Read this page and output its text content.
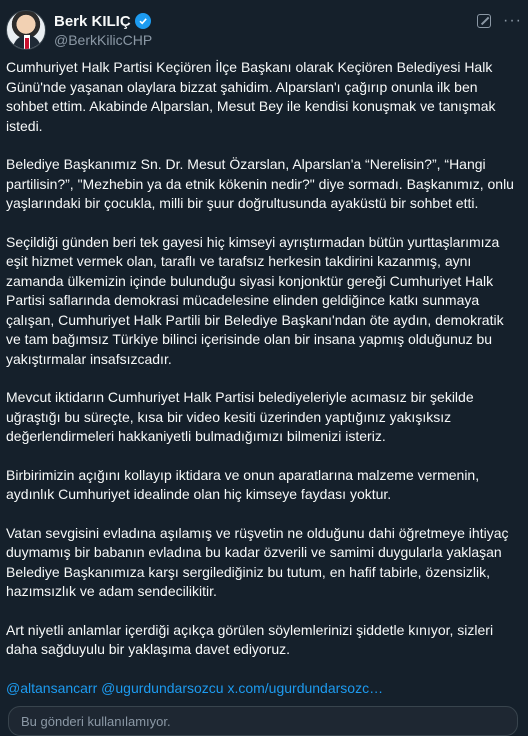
Berk KILIÇ
@BerkKilicCHP
···

Cumhuriyet Halk Partisi Keçiören İlçe Başkanı olarak Keçiören Belediyesi Halk Günü'nde yaşanan olaylara bizzat şahidim. Alparslan'ı çağırıp onunla ilk ben sohbet ettim. Akabinde Alparslan, Mesut Bey ile kendisi konuşmak ve tanışmak istedi.

Belediye Başkanımız Sn. Dr. Mesut Özarslan, Alparslan'a “Nerelisin?”, “Hangi partilisin?”, "Mezhebin ya da etnik kökenin nedir?" diye sormadı. Başkanımız, onlu yaşlarındaki bir çocukla, milli bir şuur doğrultusunda ayaküstü bir sohbet etti.

Seçildiği günden beri tek gayesi hiç kimseyi ayrıştırmadan bütün yurttaşlarımıza eşit hizmet vermek olan, taraflı ve tarafsız herkesin takdirini kazanmış, aynı zamanda ülkemizin içinde bulunduğu siyasi konjonktür gereği Cumhuriyet Halk Partisi saflarında demokrasi mücadelesine elinden geldiğince katkı sunmaya çalışan, Cumhuriyet Halk Partili bir Belediye Başkanı'ndan öte aydın, demokratik ve tam bağımsız Türkiye bilinci içerisinde olan bir insana yapmış olduğunuz bu yakıştırmalar insafsızcadır.

Mevcut iktidarın Cumhuriyet Halk Partisi belediyeleriyle acımasız bir şekilde uğraştığı bu süreçte, kısa bir video kesiti üzerinden yaptığınız yakışıksız değerlendirmeleri hakkaniyetli bulmadığımızı bilmenizi isteriz.

Birbirimizin açığını kollayıp iktidara ve onun aparatlarına malzeme vermenin, aydınlık Cumhuriyet idealinde olan hiç kimseye faydası yoktur.

Vatan sevgisini evladına aşılamış ve rüşvetin ne olduğunu dahi öğretmeye ihtiyaç duymamış bir babanın evladına bu kadar özverili ve samimi duygularla yaklaşan Belediye Başkanımıza karşı sergilediğiniz bu tutum, en hafif tabirle, özensizlik, hazımsızlık ve adam sendecilikitir.

Art niyetli anlamlar içerdiği açıkça görülen söylemlerinizi şiddetle kınıyor, sizleri daha sağduyulu bir yaklaşıma davet ediyoruz.

@altansancarr @ugurdundarsozcu x.com/ugurdundarsozc…

Bu gönderi kullanılamıyor.
